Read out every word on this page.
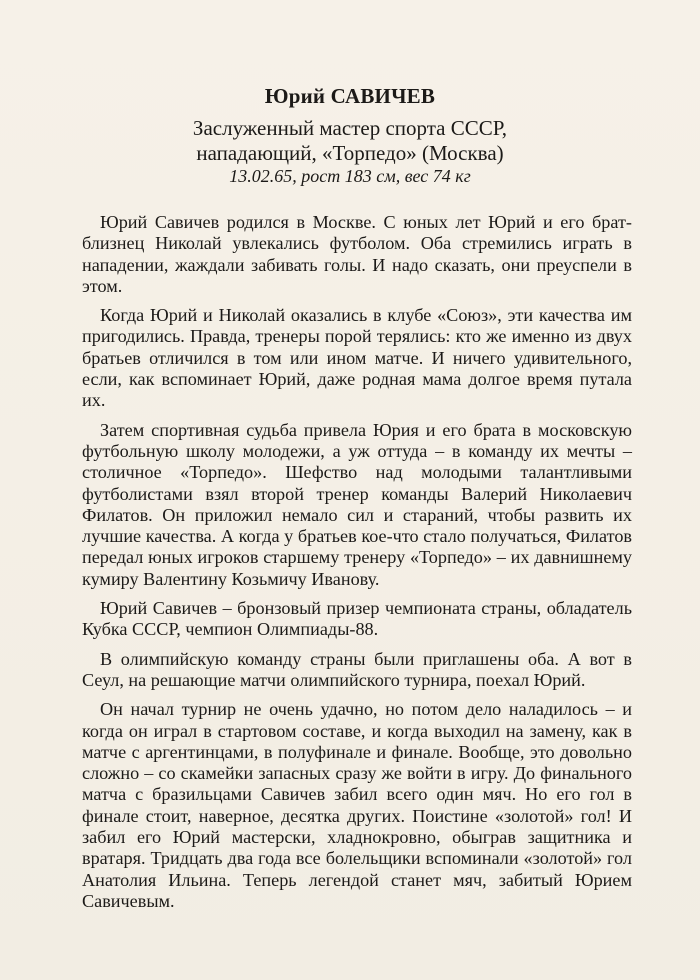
Юрий САВИЧЕВ
Заслуженный мастер спорта СССР,
нападающий, «Торпедо» (Москва)
13.02.65, рост 183 см, вес 74 кг

Юрий Савичев родился в Москве. С юных лет Юрий и его брат-близнец Николай увлекались футболом. Оба стремились играть в нападении, жаждали забивать голы. И надо сказать, они преуспели в этом.

Когда Юрий и Николай оказались в клубе «Союз», эти качества им пригодились. Правда, тренеры порой терялись: кто же именно из двух братьев отличился в том или ином матче. И ничего удивительного, если, как вспоминает Юрий, даже родная мама долгое время путала их.

Затем спортивная судьба привела Юрия и его брата в московскую футбольную школу молодежи, а уж оттуда – в команду их мечты – столичное «Торпедо». Шефство над молодыми талантливыми футболистами взял второй тренер команды Валерий Николаевич Филатов. Он приложил немало сил и стараний, чтобы развить их лучшие качества. А когда у братьев кое-что стало получаться, Филатов передал юных игроков старшему тренеру «Торпедо» – их давнишнему кумиру Валентину Козьмичу Иванову.

Юрий Савичев – бронзовый призер чемпионата страны, обладатель Кубка СССР, чемпион Олимпиады-88.

В олимпийскую команду страны были приглашены оба. А вот в Сеул, на решающие матчи олимпийского турнира, поехал Юрий.

Он начал турнир не очень удачно, но потом дело наладилось – и когда он играл в стартовом составе, и когда выходил на замену, как в матче с аргентинцами, в полуфинале и финале. Вообще, это довольно сложно – со скамейки запасных сразу же войти в игру. До финального матча с бразильцами Савичев забил всего один мяч. Но его гол в финале стоит, наверное, десятка других. Поистине «золотой» гол! И забил его Юрий мастерски, хладнокровно, обыграв защитника и вратаря. Тридцать два года все болельщики вспоминали «золотой» гол Анатолия Ильина. Теперь легендой станет мяч, забитый Юрием Савичевым.
